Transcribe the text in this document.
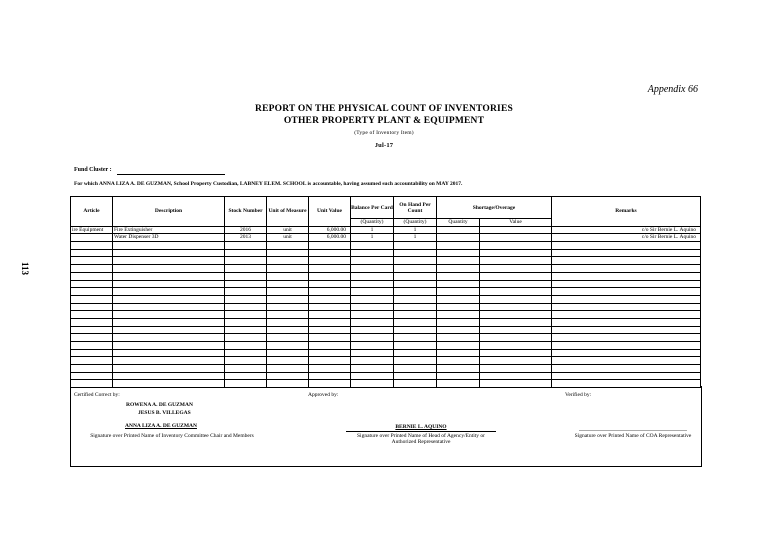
Appendix 66
REPORT ON THE PHYSICAL COUNT OF INVENTORIES
OTHER PROPERTY PLANT & EQUIPMENT
(Type of Inventory Item)
Jul-17
Fund Cluster :
For which ANNA LIZA A. DE GUZMAN, School Property Custodian, LABNEY ELEM. SCHOOL is accountable, having assumed such accountability on MAY 2017.
113
Article	Description	Stock Number	Unit of Measure	Unit Value	Balance Per Card	On Hand Per Count	Shortage/Overage		Remarks
					(Quantity)	(Quantity)	Quantity	Value	
ire Equipment	Fire Extinguisher	2016	unit	6,000.00	1	1			c/o Sir Bernie L. Aquino
	Water Dispenser 3D	2013	unit	6,000.00	1	1			c/o Sir Bernie L. Aquino

Certified Correct by:	Approved by:	Verified by:
ROWENA A. DE GUZMAN
JESUS B. VILLEGAS
ANNA LIZA A. DE GUZMAN
Signature over Printed Name of Inventory Committee Chair and Members
BERNIE L. AQUINO
Signature over Printed Name of Head of Agency/Entity or Authorized Representative
Signature over Printed Name of COA Representative
